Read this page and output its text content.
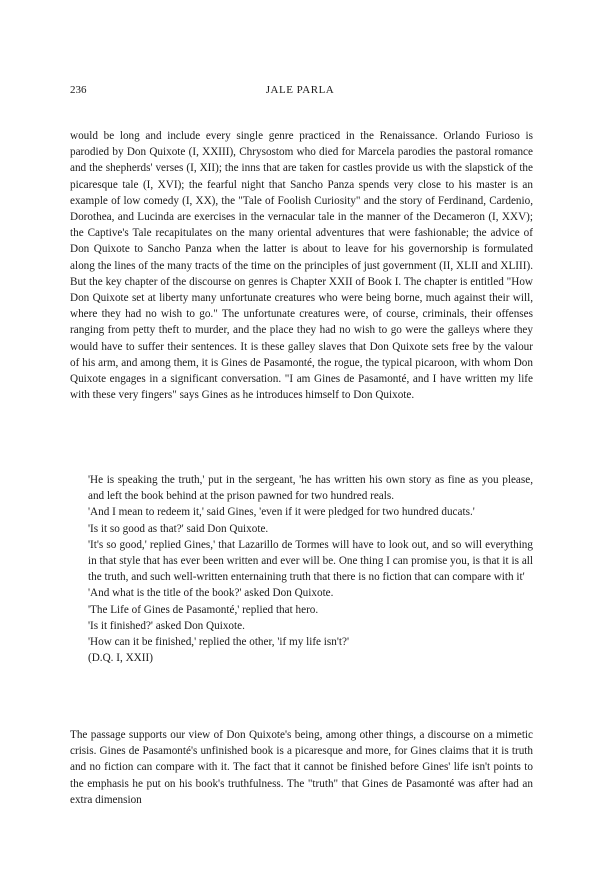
236	JALE PARLA

would be long and include every single genre practiced in the Renaissance. Orlando Furioso is parodied by Don Quixote (I, XXIII), Chrysostom who died for Marcela parodies the pastoral romance and the shepherds' verses (I, XII); the inns that are taken for castles provide us with the slapstick of the picaresque tale (I, XVI); the fearful night that Sancho Panza spends very close to his master is an example of low comedy (I, XX), the "Tale of Foolish Curiosity" and the story of Ferdinand, Cardenio, Dorothea, and Lucinda are exercises in the vernacular tale in the manner of the Decameron (I, XXV); the Captive's Tale recapitulates on the many oriental adventures that were fashionable; the advice of Don Quixote to Sancho Panza when the latter is about to leave for his governorship is formulated along the lines of the many tracts of the time on the principles of just government (II, XLII and XLIII). But the key chapter of the discourse on genres is Chapter XXII of Book I. The chapter is entitled "How Don Quixote set at liberty many unfortunate creatures who were being borne, much against their will, where they had no wish to go." The unfortunate creatures were, of course, criminals, their offenses ranging from petty theft to murder, and the place they had no wish to go were the galleys where they would have to suffer their sentences. It is these galley slaves that Don Quixote sets free by the valour of his arm, and among them, it is Gines de Pasamonté, the rogue, the typical picaroon, with whom Don Quixote engages in a significant conversation. "I am Gines de Pasamonté, and I have written my life with these very fingers" says Gines as he introduces himself to Don Quixote.

'He is speaking the truth,' put in the sergeant, 'he has written his own story as fine as you please, and left the book behind at the prison pawned for two hundred reals.

'And I mean to redeem it,' said Gines, 'even if it were pledged for two hundred ducats.'

'Is it so good as that?' said Don Quixote.

'It's so good,' replied Gines,' that Lazarillo de Tormes will have to look out, and so will everything in that style that has ever been written and ever will be. One thing I can promise you, is that it is all the truth, and such well-written enternaining truth that there is no fiction that can compare with it'

'And what is the title of the book?' asked Don Quixote.

'The Life of Gines de Pasamonté,' replied that hero.

'Is it finished?' asked Don Quixote.

'How can it be finished,' replied the other, 'if my life isn't?'

(D.Q. I, XXII)

The passage supports our view of Don Quixote's being, among other things, a discourse on a mimetic crisis. Gines de Pasamonté's unfinished book is a picaresque and more, for Gines claims that it is truth and no fiction can compare with it. The fact that it cannot be finished before Gines' life isn't points to the emphasis he put on his book's truthfulness. The "truth" that Gines de Pasamonté was after had an extra dimension
